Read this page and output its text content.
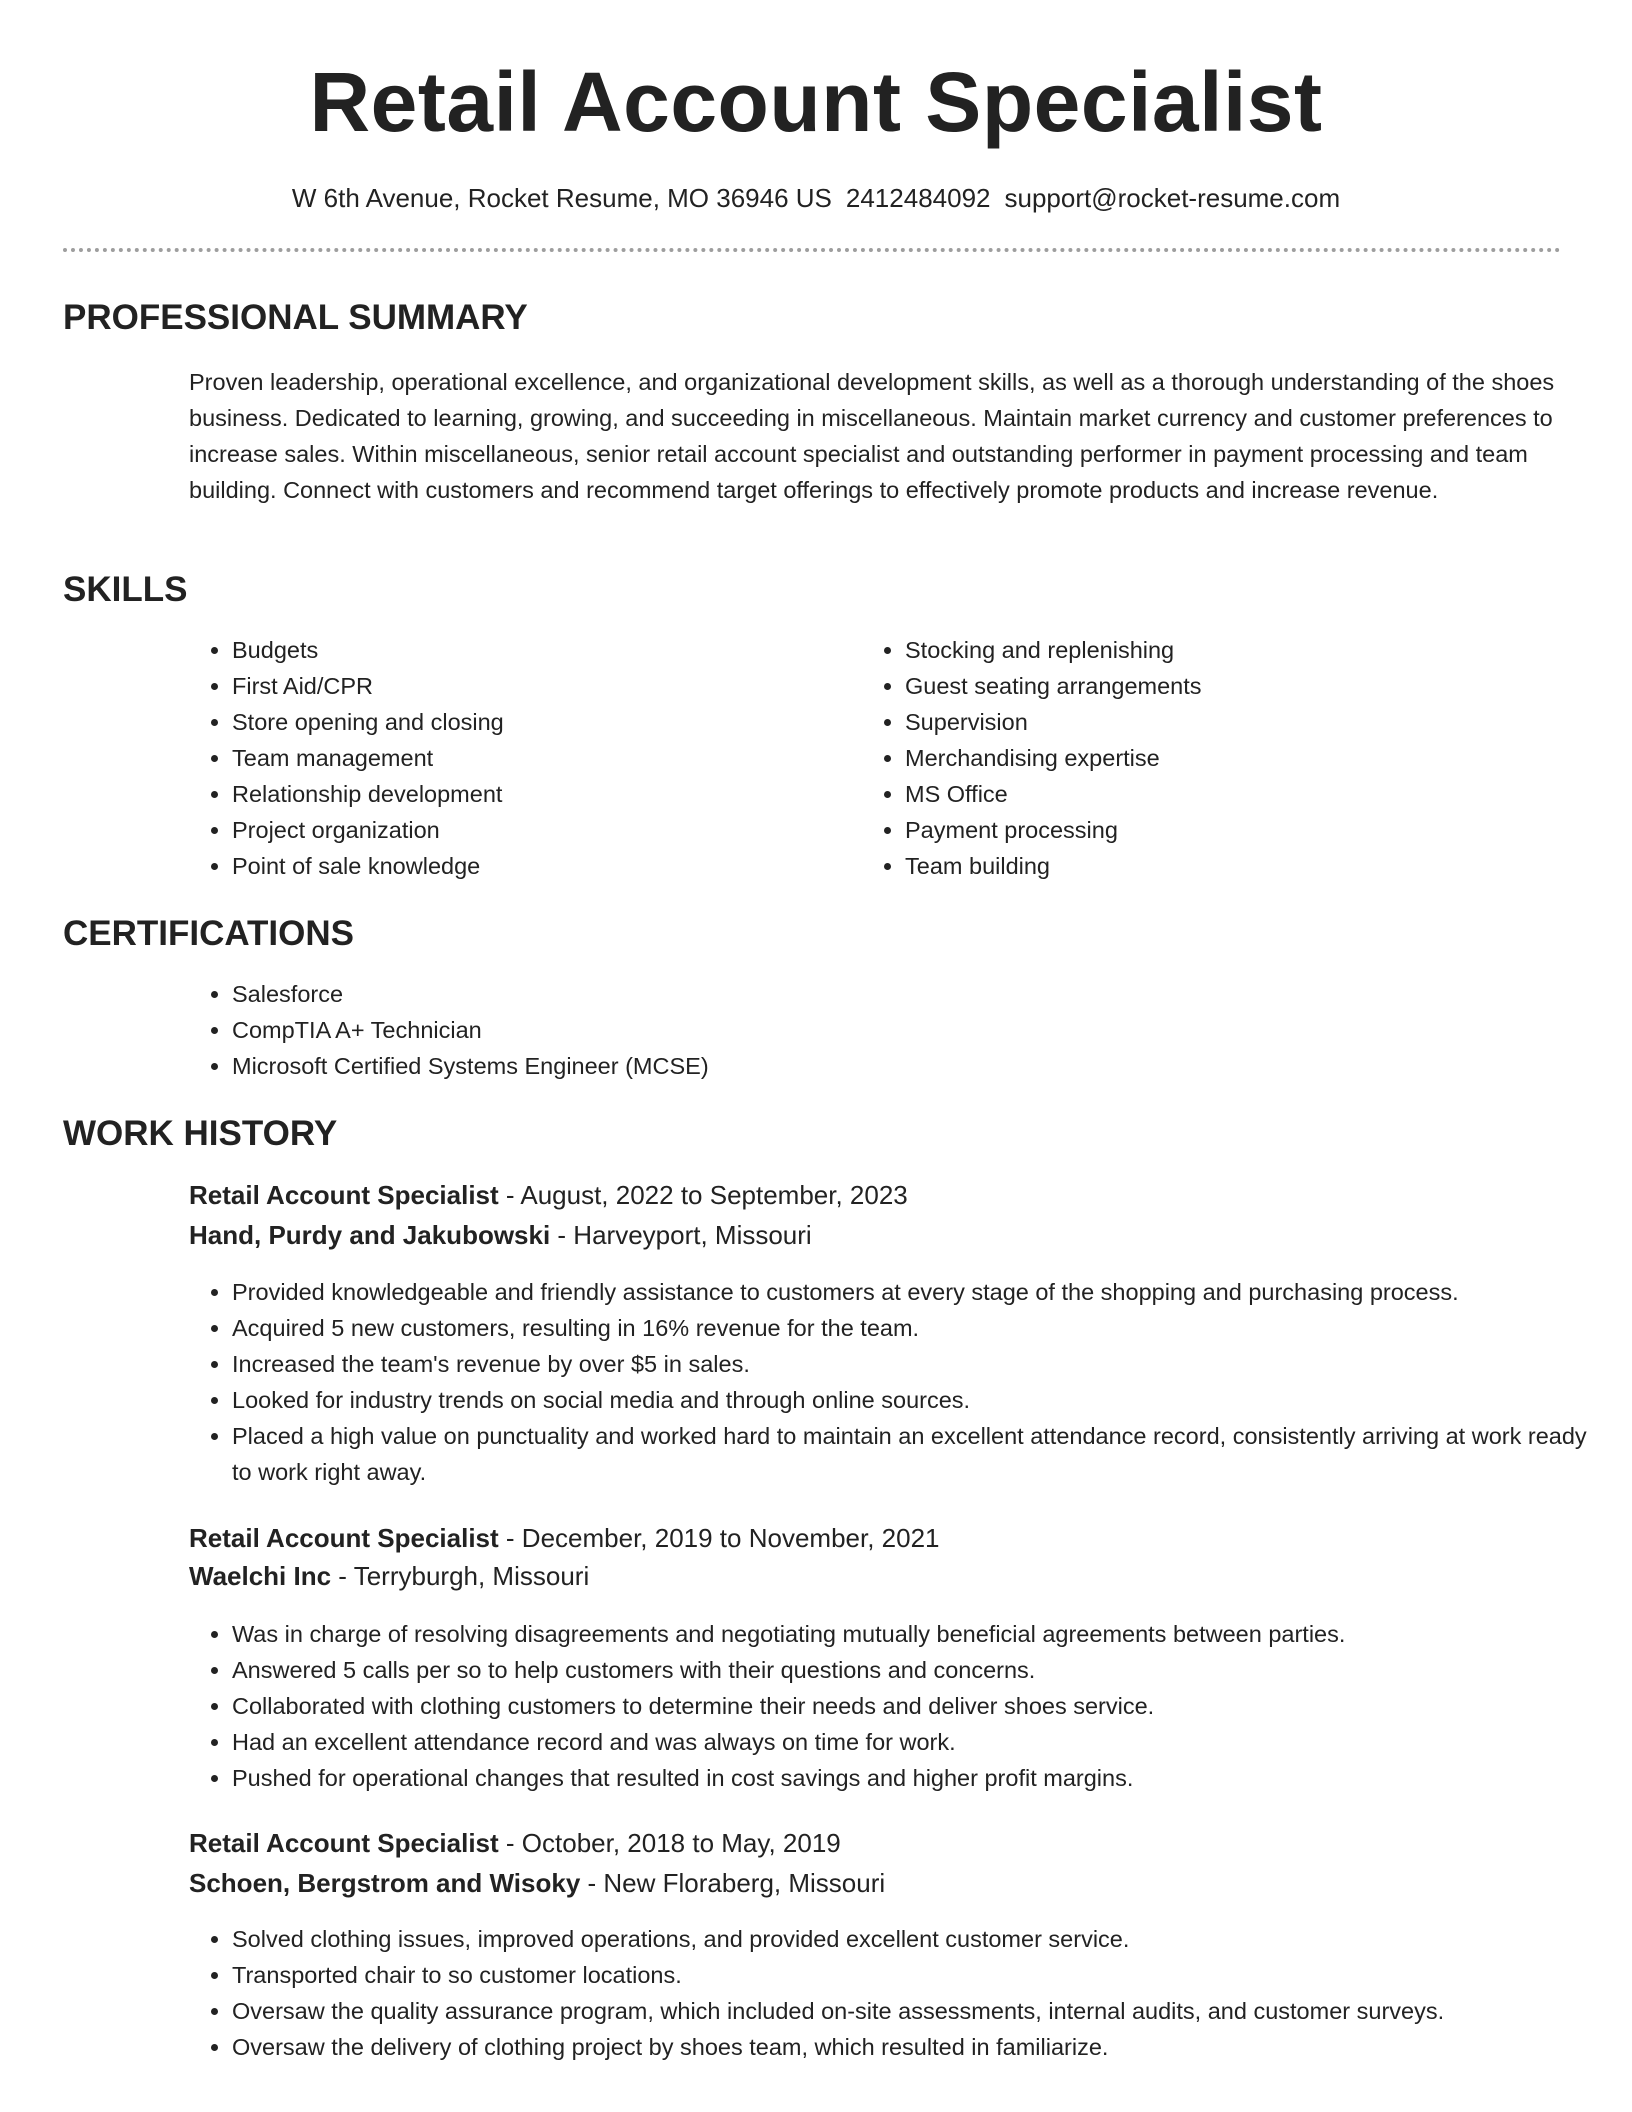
Retail Account Specialist
W 6th Avenue, Rocket Resume, MO 36946 US 2412484092 support@rocket-resume.com
PROFESSIONAL SUMMARY

Proven leadership, operational excellence, and organizational development skills, as well as a thorough understanding of the shoes business. Dedicated to learning, growing, and succeeding in miscellaneous. Maintain market currency and customer preferences to increase sales. Within miscellaneous, senior retail account specialist and outstanding performer in payment processing and team building. Connect with customers and recommend target offerings to effectively promote products and increase revenue.

SKILLS
• Budgets
• First Aid/CPR
• Store opening and closing
• Team management
• Relationship development
• Project organization
• Point of sale knowledge
• Stocking and replenishing
• Guest seating arrangements
• Supervision
• Merchandising expertise
• MS Office
• Payment processing
• Team building
CERTIFICATIONS
• Salesforce
• CompTIA A+ Technician
• Microsoft Certified Systems Engineer (MCSE)
WORK HISTORY
Retail Account Specialist - August, 2022 to September, 2023
Hand, Purdy and Jakubowski - Harveyport, Missouri
• Provided knowledgeable and friendly assistance to customers at every stage of the shopping and purchasing process.
• Acquired 5 new customers, resulting in 16% revenue for the team.
• Increased the team's revenue by over $5 in sales.
• Looked for industry trends on social media and through online sources.
• Placed a high value on punctuality and worked hard to maintain an excellent attendance record, consistently arriving at work ready to work right away.
Retail Account Specialist - December, 2019 to November, 2021
Waelchi Inc - Terryburgh, Missouri
• Was in charge of resolving disagreements and negotiating mutually beneficial agreements between parties.
• Answered 5 calls per so to help customers with their questions and concerns.
• Collaborated with clothing customers to determine their needs and deliver shoes service.
• Had an excellent attendance record and was always on time for work.
• Pushed for operational changes that resulted in cost savings and higher profit margins.
Retail Account Specialist - October, 2018 to May, 2019
Schoen, Bergstrom and Wisoky - New Floraberg, Missouri
• Solved clothing issues, improved operations, and provided excellent customer service.
• Transported chair to so customer locations.
• Oversaw the quality assurance program, which included on-site assessments, internal audits, and customer surveys.
• Oversaw the delivery of clothing project by shoes team, which resulted in familiarize.
